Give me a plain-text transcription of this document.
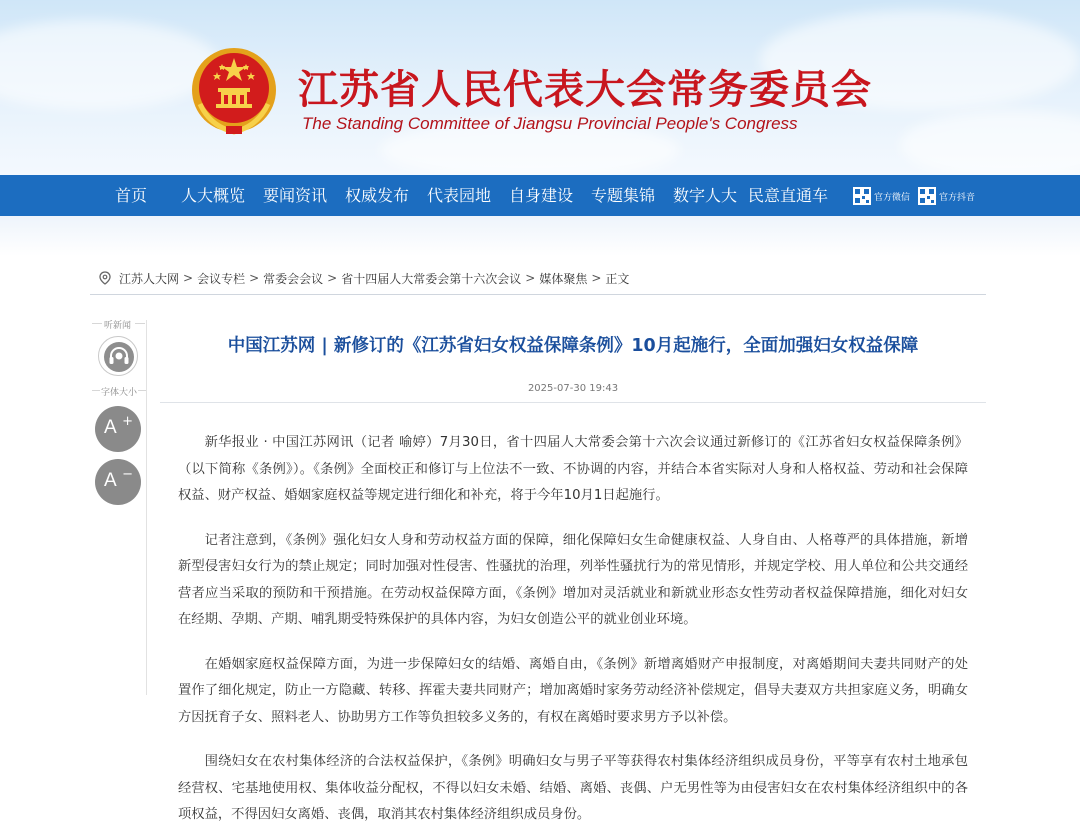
江苏省人民代表大会常务委员会
The Standing Committee of Jiangsu Provincial People's Congress
首页 人大概览 要闻资讯 权威发布 代表园地 自身建设 专题集锦 数字人大 民意直通车	官方微信	官方抖音
江苏人大网 > 会议专栏 > 常委会会议 > 省十四届人大常委会第十六次会议 > 媒体聚焦 > 正文
听新闻
字体大小
A +
A −
中国江苏网 | 新修订的《江苏省妇女权益保障条例》10月起施行，全面加强妇女权益保障
2025-07-30 19:43

新华报业 · 中国江苏网讯（记者 喻婷）7月30日，省十四届人大常委会第十六次会议通过新修订的《江苏省妇女权益保障条例》（以下简称《条例》）。《条例》全面校正和修订与上位法不一致、不协调的内容，并结合本省实际对人身和人格权益、劳动和社会保障权益、财产权益、婚姻家庭权益等规定进行细化和补充，将于今年10月1日起施行。

记者注意到，《条例》强化妇女人身和劳动权益方面的保障，细化保障妇女生命健康权益、人身自由、人格尊严的具体措施，新增新型侵害妇女行为的禁止规定；同时加强对性侵害、性骚扰的治理，列举性骚扰行为的常见情形，并规定学校、用人单位和公共交通经营者应当采取的预防和干预措施。在劳动权益保障方面，《条例》增加对灵活就业和新就业形态女性劳动者权益保障措施，细化对妇女在经期、孕期、产期、哺乳期受特殊保护的具体内容，为妇女创造公平的就业创业环境。

在婚姻家庭权益保障方面，为进一步保障妇女的结婚、离婚自由，《条例》新增离婚财产申报制度，对离婚期间夫妻共同财产的处置作了细化规定，防止一方隐藏、转移、挥霍夫妻共同财产；增加离婚时家务劳动经济补偿规定，倡导夫妻双方共担家庭义务，明确女方因抚育子女、照料老人、协助男方工作等负担较多义务的，有权在离婚时要求男方予以补偿。

围绕妇女在农村集体经济的合法权益保护，《条例》明确妇女与男子平等获得农村集体经济组织成员身份，平等享有农村土地承包经营权、宅基地使用权、集体收益分配权，不得以妇女未婚、结婚、离婚、丧偶、户无男性等为由侵害妇女在农村集体经济组织中的各项权益，不得因妇女离婚、丧偶，取消其农村集体经济组织成员身份。
